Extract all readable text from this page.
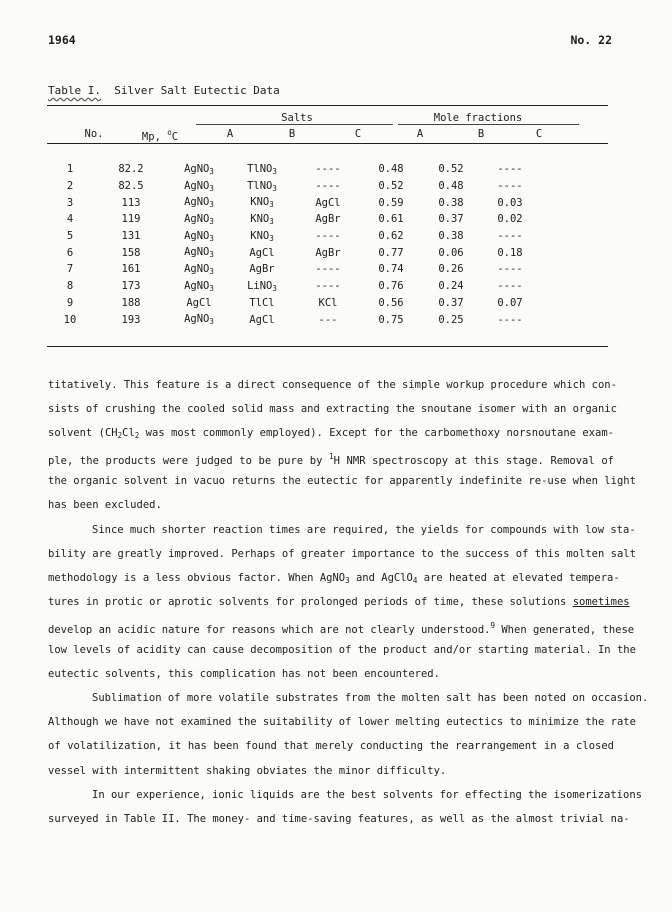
1964	No. 22
Table I. Silver Salt Eutectic Data
Salts	Mole fractions
No.	Mp, $^o$C	A	B	C	A	B	C
1	82.2	AgNO$_3$	TlNO$_3$	----	0.48	0.52	----	
2	82.5	AgNO$_3$	TlNO$_3$	----	0.52	0.48	----	
3	113	AgNO$_3$	$KNO_3$	AgCl	0.59	0.38	0.03	
4	119	AgNO$_3$	$KNO_3$	AgBr	0.61	0.37	0.02	
5	131	AgNO$_3$	$KNO_3$	----	0.62	0.38	----	
6	158	AgNO$_3$	AgCl	AgBr	0.77	0.06	0.18	
7	161	AgNO$_3$	AgBr	----	0.74	0.26	----	
8	173	AgNO$_3$	LiNO$_3$	----	0.76	0.24	----	
9	188	AgCl	TlCl	KCl	0.56	0.37	0.07	
10	193	AgNO$_3$	AgCl	---	0.75	0.25	----	
titatively. This feature is a direct consequence of the simple workup procedure which con-
sists of crushing the cooled solid mass and extracting the snoutane isomer with an organic
solvent ($CH_2Cl_2$ was most commonly employed). Except for the carbomethoxy norsnoutane exam-
ple, the products were judged to be pure by $^1$H NMR spectroscopy at this stage. Removal of
the organic solvent in vacuo returns the eutectic for apparently indefinite re-use when light
has been excluded.
Since much shorter reaction times are required, the yields for compounds with low sta-
bility are greatly improved. Perhaps of greater importance to the success of this molten salt
methodology is a less obvious factor. When AgNO$_3$ and AgClO$_4$ are heated at elevated tempera-
tures in protic or aprotic solvents for prolonged periods of time, these solutions sometimes
develop an acidic nature for reasons which are not clearly understood.$^9$ When generated, these
low levels of acidity can cause decomposition of the product and/or starting material. In the
eutectic solvents, this complication has not been encountered.
Sublimation of more volatile substrates from the molten salt has been noted on occasion.
Although we have not examined the suitability of lower melting eutectics to minimize the rate
of volatilization, it has been found that merely conducting the rearrangement in a closed
vessel with intermittent shaking obviates the minor difficulty.
In our experience, ionic liquids are the best solvents for effecting the isomerizations
surveyed in Table II. The money- and time-saving features, as well as the almost trivial na-
